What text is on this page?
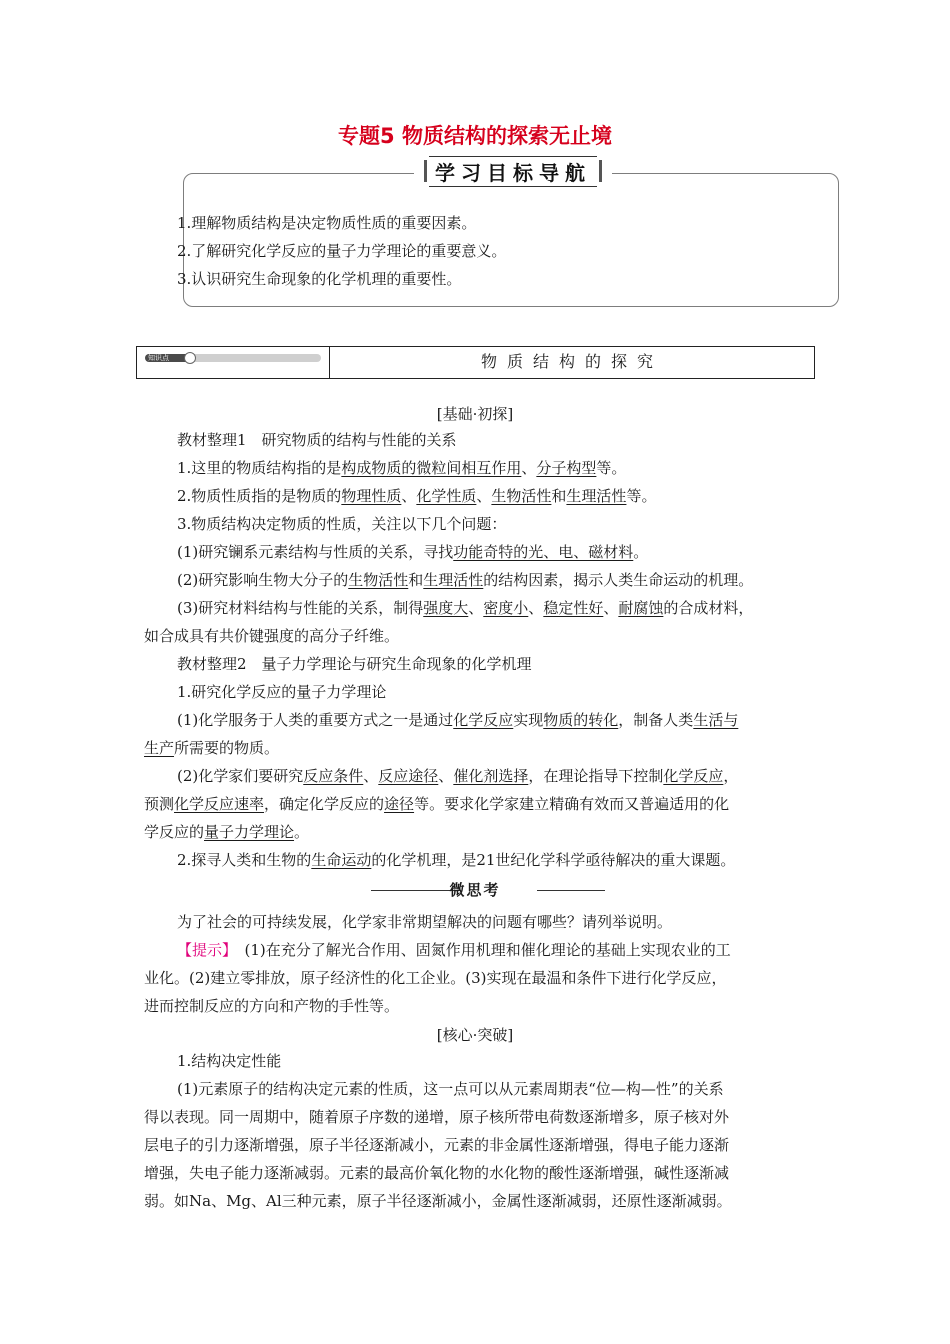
专题5 物质结构的探索无止境
学习目标导航
1.理解物质结构是决定物质性质的重要因素。
2.了解研究化学反应的量子力学理论的重要意义。
3.认识研究生命现象的化学机理的重要性。
知识点	物质结构的探究
[基础·初探]
教材整理1　研究物质的结构与性能的关系
1.这里的物质结构指的是构成物质的微粒间相互作用、分子构型等。
2.物质性质指的是物质的物理性质、化学性质、生物活性和生理活性等。
3.物质结构决定物质的性质，关注以下几个问题：
(1)研究镧系元素结构与性质的关系，寻找功能奇特的光、电、磁材料。
(2)研究影响生物大分子的生物活性和生理活性的结构因素，揭示人类生命运动的机理。
(3)研究材料结构与性能的关系，制得强度大、密度小、稳定性好、耐腐蚀的合成材料，
如合成具有共价键强度的高分子纤维。
教材整理2　量子力学理论与研究生命现象的化学机理
1.研究化学反应的量子力学理论
(1)化学服务于人类的重要方式之一是通过化学反应实现物质的转化，制备人类生活与
生产所需要的物质。
(2)化学家们要研究反应条件、反应途径、催化剂选择，在理论指导下控制化学反应，
预测化学反应速率，确定化学反应的途径等。要求化学家建立精确有效而又普遍适用的化
学反应的量子力学理论。
2.探寻人类和生物的生命运动的化学机理，是21世纪化学科学亟待解决的重大课题。
微思考
为了社会的可持续发展，化学家非常期望解决的问题有哪些？请列举说明。
【提示】　(1)在充分了解光合作用、固氮作用机理和催化理论的基础上实现农业的工
业化。(2)建立零排放，原子经济性的化工企业。(3)实现在最温和条件下进行化学反应，
进而控制反应的方向和产物的手性等。
[核心·突破]
1.结构决定性能
(1)元素原子的结构决定元素的性质，这一点可以从元素周期表“位—构—性”的关系
得以表现。同一周期中，随着原子序数的递增，原子核所带电荷数逐渐增多，原子核对外
层电子的引力逐渐增强，原子半径逐渐减小，元素的非金属性逐渐增强，得电子能力逐渐
增强，失电子能力逐渐减弱。元素的最高价氧化物的水化物的酸性逐渐增强，碱性逐渐减
弱。如Na、Mg、Al三种元素，原子半径逐渐减小，金属性逐渐减弱，还原性逐渐减弱。
